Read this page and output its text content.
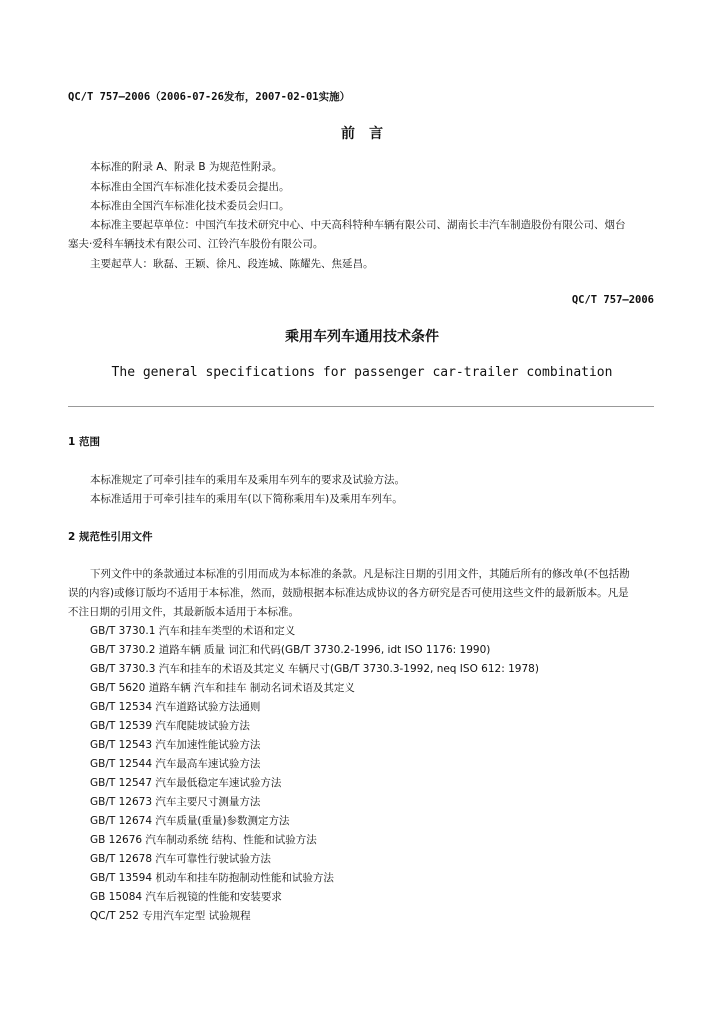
QC/T 757—2006（2006-07-26发布，2007-02-01实施）
前　言
本标准的附录 A、附录 B 为规范性附录。
本标准由全国汽车标准化技术委员会提出。
本标准由全国汽车标准化技术委员会归口。
本标准主要起草单位：中国汽车技术研究中心、中天高科特种车辆有限公司、湖南长丰汽车制造股份有限公司、烟台
塞夫·爱科车辆技术有限公司、江铃汽车股份有限公司。
主要起草人：耿磊、王颖、徐凡、段连城、陈耀先、焦延昌。
QC/T 757—2006
乘用车列车通用技术条件
The general specifications for passenger car-trailer combination
1 范围
本标准规定了可牵引挂车的乘用车及乘用车列车的要求及试验方法。
本标准适用于可牵引挂车的乘用车(以下简称乘用车)及乘用车列车。
2 规范性引用文件
下列文件中的条款通过本标准的引用而成为本标准的条款。凡是标注日期的引用文件，其随后所有的修改单(不包括勘
误的内容)或修订版均不适用于本标准，然而，鼓励根据本标准达成协议的各方研究是否可使用这些文件的最新版本。凡是
不注日期的引用文件，其最新版本适用于本标准。
GB/T 3730.1 汽车和挂车类型的术语和定义
GB/T 3730.2 道路车辆 质量 词汇和代码(GB/T 3730.2-1996, idt ISO 1176: 1990)
GB/T 3730.3 汽车和挂车的术语及其定义 车辆尺寸(GB/T 3730.3-1992, neq ISO 612: 1978)
GB/T 5620 道路车辆 汽车和挂车 制动名词术语及其定义
GB/T 12534 汽车道路试验方法通则
GB/T 12539 汽车爬陡坡试验方法
GB/T 12543 汽车加速性能试验方法
GB/T 12544 汽车最高车速试验方法
GB/T 12547 汽车最低稳定车速试验方法
GB/T 12673 汽车主要尺寸测量方法
GB/T 12674 汽车质量(重量)参数测定方法
GB 12676 汽车制动系统 结构、性能和试验方法
GB/T 12678 汽车可靠性行驶试验方法
GB/T 13594 机动车和挂车防抱制动性能和试验方法
GB 15084 汽车后视镜的性能和安装要求
QC/T 252 专用汽车定型 试验规程
